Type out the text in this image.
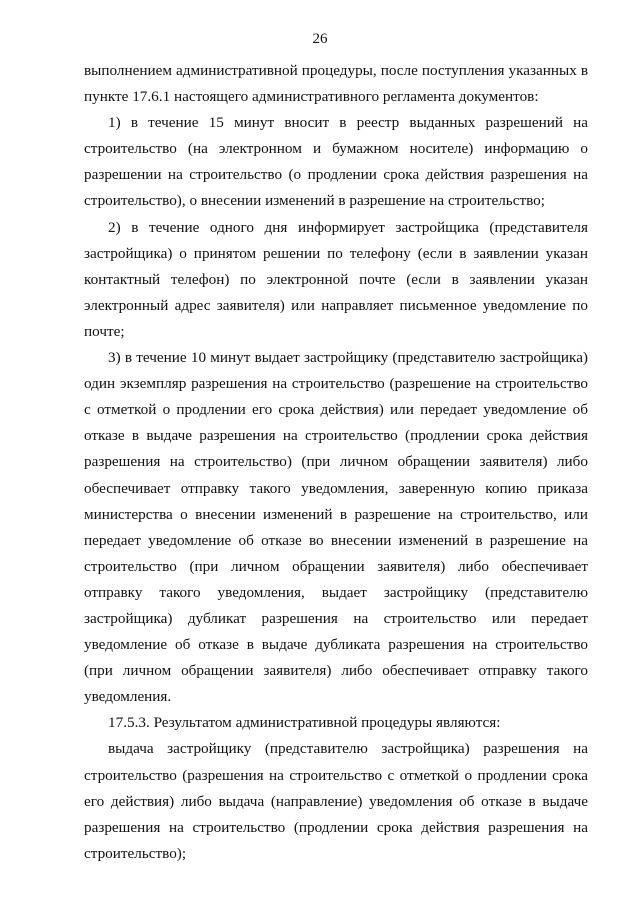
26

выполнением административной процедуры, после поступления указанных в пункте 17.6.1 настоящего административного регламента документов:

1) в течение 15 минут вносит в реестр выданных разрешений на строительство (на электронном и бумажном носителе) информацию о разрешении на строительство (о продлении срока действия разрешения на строительство), о внесении изменений в разрешение на строительство;

2) в течение одного дня информирует застройщика (представителя застройщика) о принятом решении по телефону (если в заявлении указан контактный телефон) по электронной почте (если в заявлении указан электронный адрес заявителя) или направляет письменное уведомление по почте;

3) в течение 10 минут выдает застройщику (представителю застройщика) один экземпляр разрешения на строительство (разрешение на строительство с отметкой о продлении его срока действия) или передает уведомление об отказе в выдаче разрешения на строительство (продлении срока действия разрешения на строительство) (при личном обращении заявителя) либо обеспечивает отправку такого уведомления, заверенную копию приказа министерства о внесении изменений в разрешение на строительство, или передает уведомление об отказе во внесении изменений в разрешение на строительство (при личном обращении заявителя) либо обеспечивает отправку такого уведомления, выдает застройщику (представителю застройщика) дубликат разрешения на строительство или передает уведомление об отказе в выдаче дубликата разрешения на строительство (при личном обращении заявителя) либо обеспечивает отправку такого уведомления.

17.5.3. Результатом административной процедуры являются:

выдача застройщику (представителю застройщика) разрешения на строительство (разрешения на строительство с отметкой о продлении срока его действия) либо выдача (направление) уведомления об отказе в выдаче разрешения на строительство (продлении срока действия разрешения на строительство);
